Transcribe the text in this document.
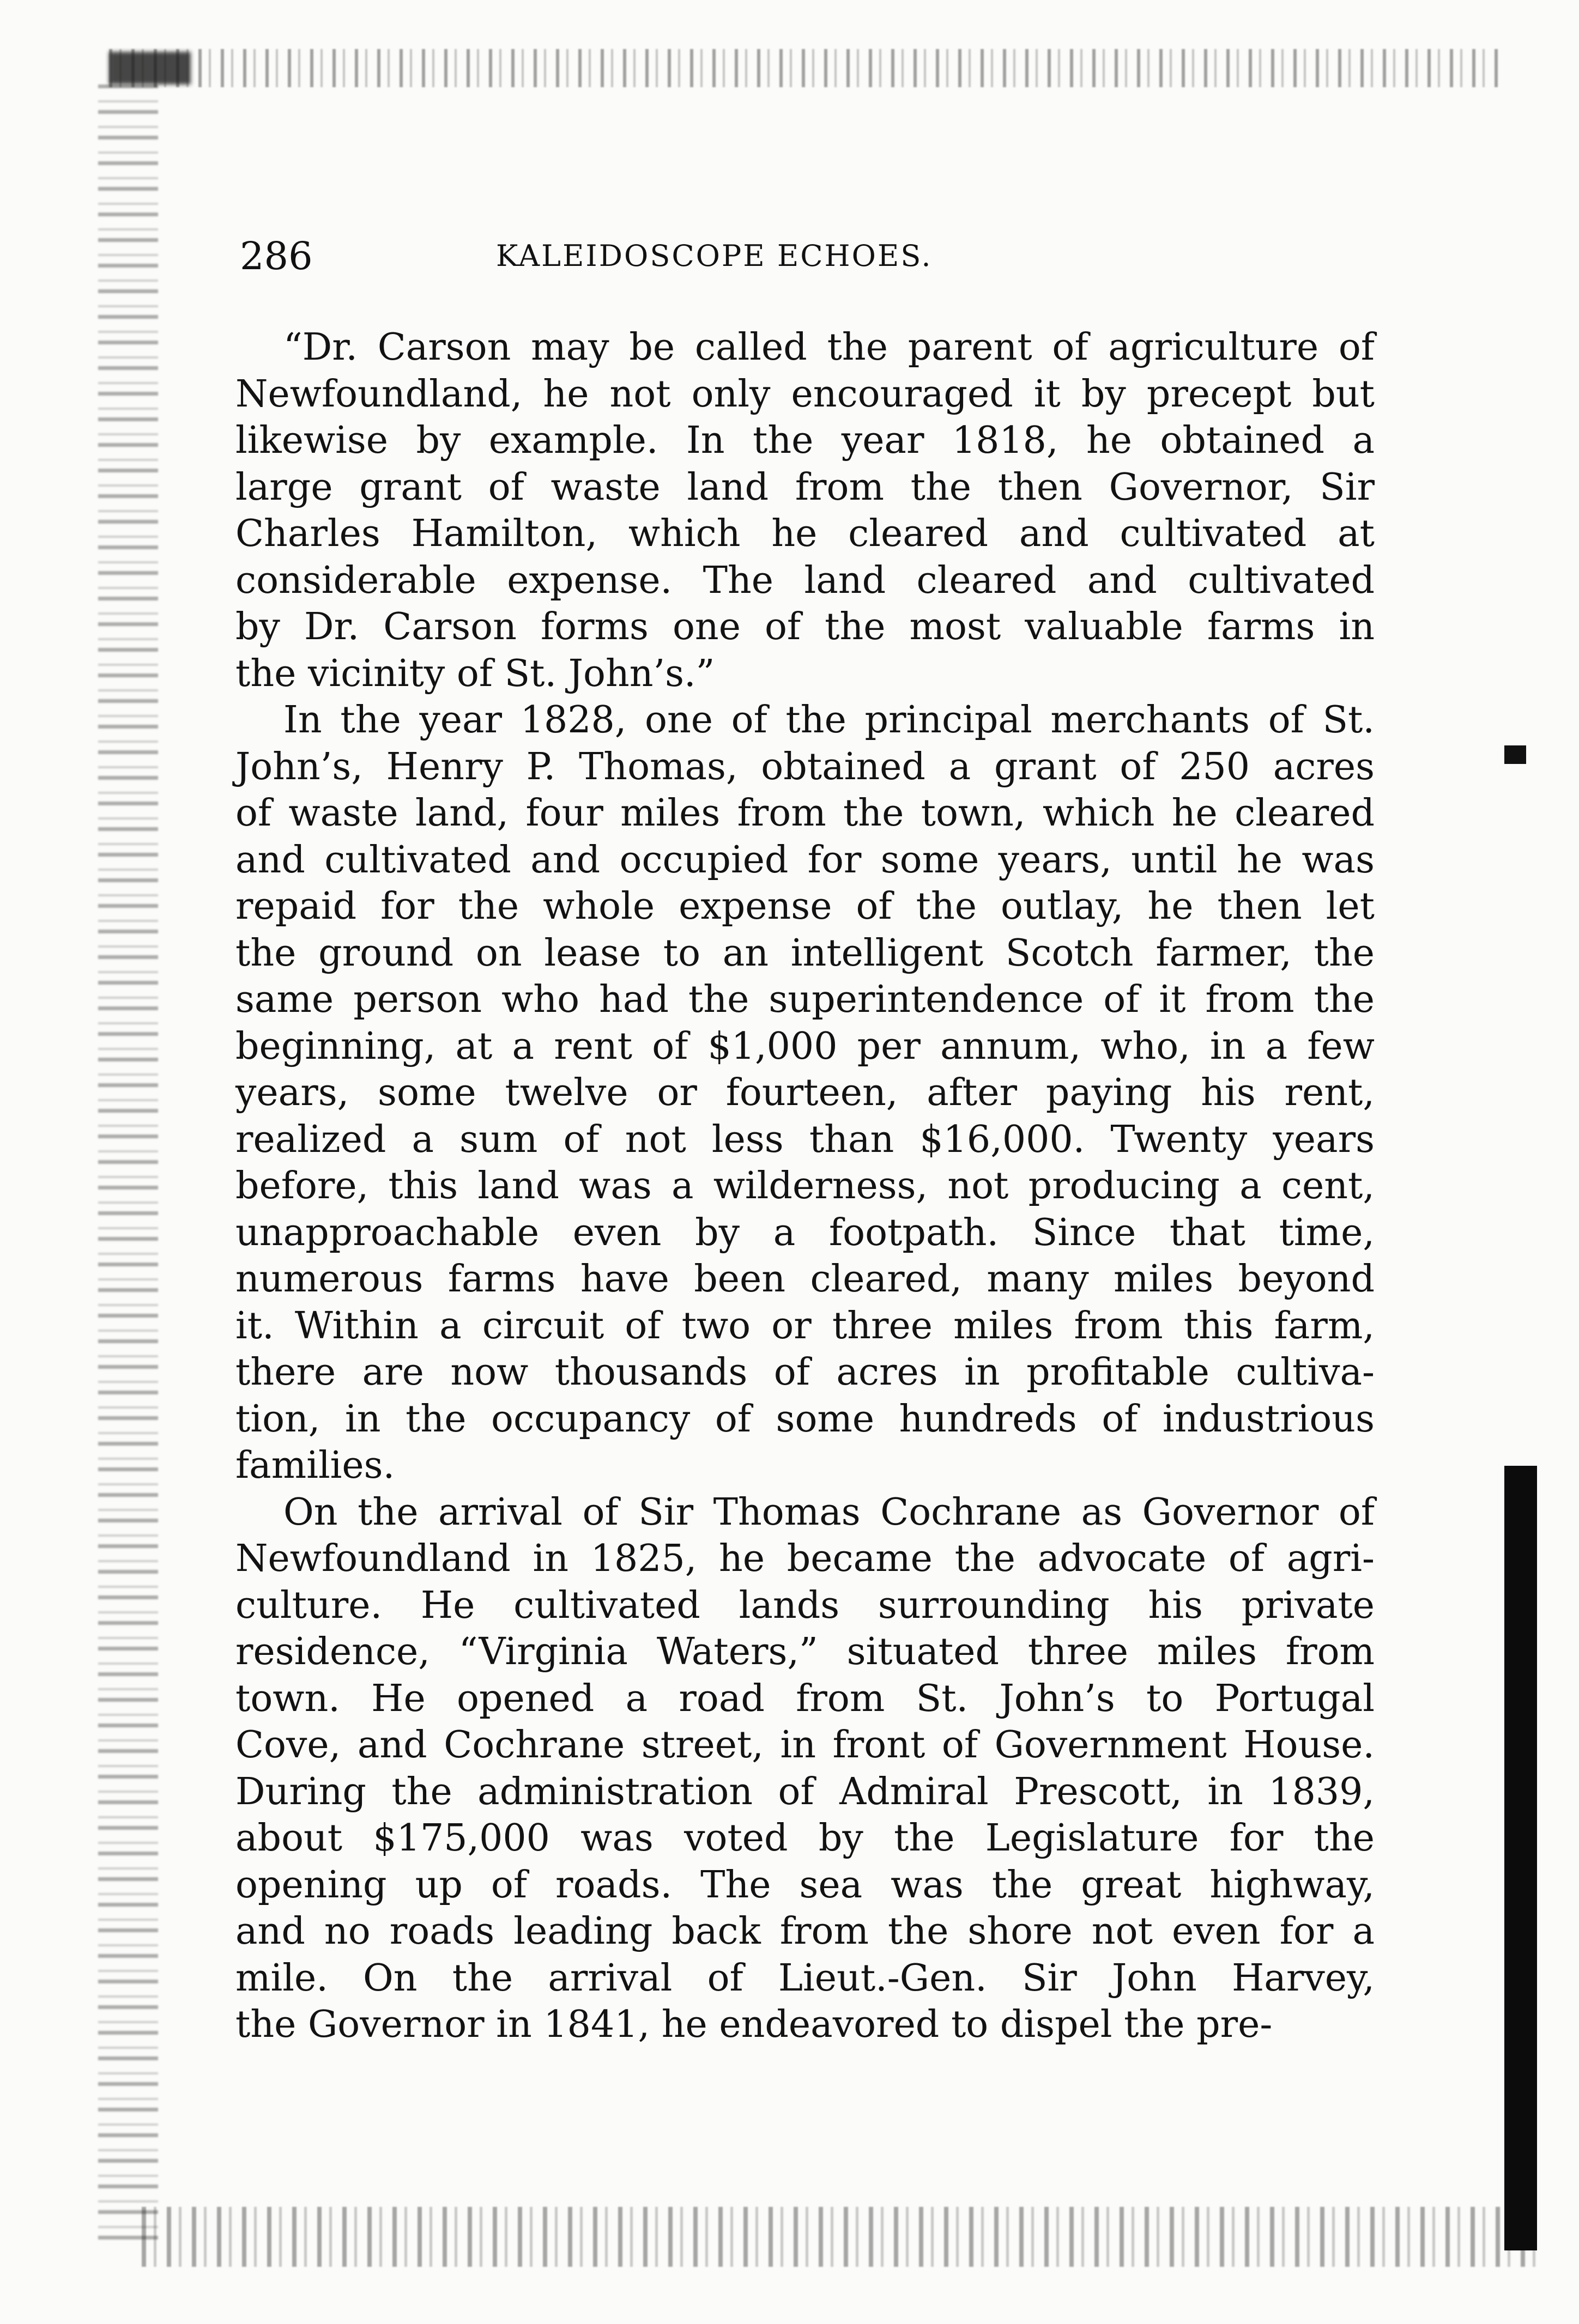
286	KALEIDOSCOPE ECHOES.

“Dr. Carson may be called the parent of agriculture of
Newfoundland, he not only encouraged it by precept but
likewise by example. In the year 1818, he obtained a
large grant of waste land from the then Governor, Sir
Charles Hamilton, which he cleared and cultivated at
considerable expense. The land cleared and cultivated
by Dr. Carson forms one of the most valuable farms in
the vicinity of St. John’s.”

In the year 1828, one of the principal merchants of St.
John’s, Henry P. Thomas, obtained a grant of 250 acres
of waste land, four miles from the town, which he cleared
and cultivated and occupied for some years, until he was
repaid for the whole expense of the outlay, he then let
the ground on lease to an intelligent Scotch farmer, the
same person who had the superintendence of it from the
beginning, at a rent of $1,000 per annum, who, in a few
years, some twelve or fourteen, after paying his rent,
realized a sum of not less than $16,000. Twenty years
before, this land was a wilderness, not producing a cent,
unapproachable even by a footpath. Since that time,
numerous farms have been cleared, many miles beyond
it. Within a circuit of two or three miles from this farm,
there are now thousands of acres in profitable cultiva-
tion, in the occupancy of some hundreds of industrious
families.

On the arrival of Sir Thomas Cochrane as Governor of
Newfoundland in 1825, he became the advocate of agri-
culture. He cultivated lands surrounding his private
residence, “Virginia Waters,” situated three miles from
town. He opened a road from St. John’s to Portugal
Cove, and Cochrane street, in front of Government House.
During the administration of Admiral Prescott, in 1839,
about $175,000 was voted by the Legislature for the
opening up of roads. The sea was the great highway,
and no roads leading back from the shore not even for a
mile. On the arrival of Lieut.-Gen. Sir John Harvey,
the Governor in 1841, he endeavored to dispel the pre-
